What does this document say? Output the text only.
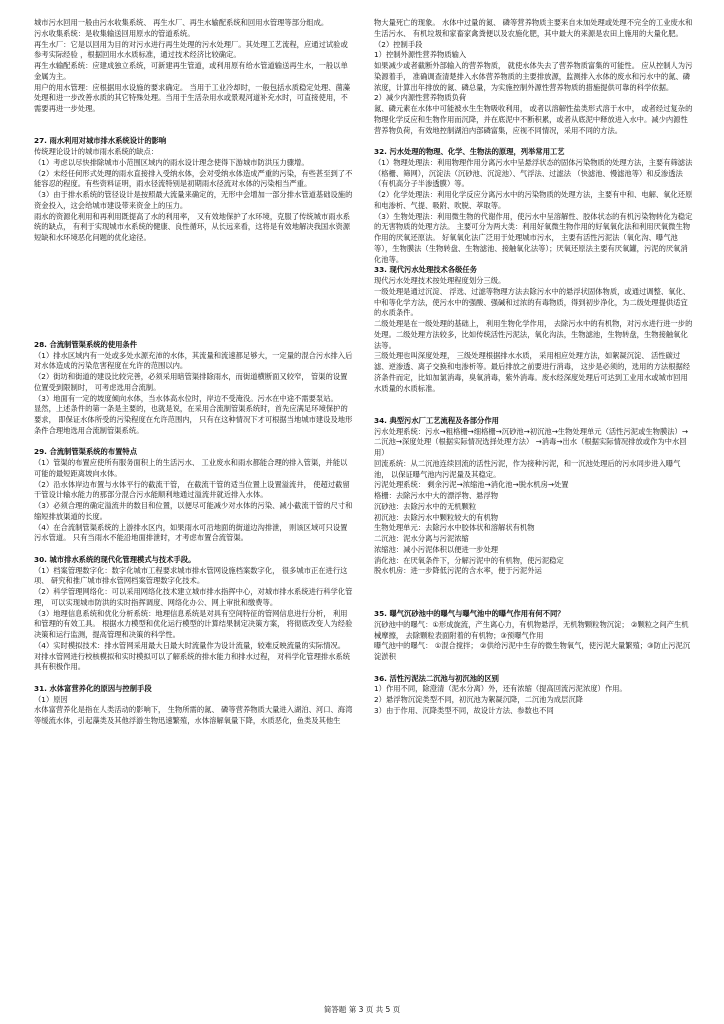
城市污水回用一般由污水收集系统、 再生水厂、再生水输配系统和回用水管理等部分组成。
污水收集系统：是收集输送回用原水的管道系统。
再生水厂：它是以回用为目的对污水进行再生处理的污水处理厂。其处理工艺流程，应通过试验或参考实际经验 ，根据回用水水质标准，通过技术经济比较确定。
再生水输配系统：应建成独立系统，可新建再生管道，或利用原有给水管道输送再生水，一般以单金属为主。
用户的用水管理：应根据用水设施的要求确定。 当用于工业冷却时，一般包括水质稳定处理、菌藻处理和进一步改善水质的其它特殊处理。当用于生活杂用水或景观河道补充水时，可直接使用，不需要再进一步处理。
27. 雨水利用对城市排水系统设计的影响
传统理论设计的城市雨水系统的缺点：
（1）考虑以尽快排除城市小范围区域内的雨水设计理念使得下游城市防洪压力骤增。
（2）未经任何形式处理的雨水直接排入受纳水体，会对受纳水体造成严重的污染，有些甚至到了不能容忍的程度。有些资料证明，雨水径流特别是初期雨水径流对水体的污染相当严重。
（3）由于排水系统的管径设计是按照最大流量来确定的，无形中会增加一部分排水管道基础设施的资金投入，这会给城市建设带来资金上的压力。
雨水的资源化利用和再利用既提高了水的利用率， 又有效地保护了水环境，克服了传统城市雨水系统的缺点， 有利于实现城市水系统的健康、良性循环，从长远来看，这将是有效地解决我国水资源短缺和水环境恶化问题的优化途径。
28. 合流制管渠系统的使用条件
（1）排水区域内有一处或多处水源充沛的水体，其流量和流速都足够大，一定量的混合污水排入后对水体造成的污染危害程度在允许的范围以内。
（2）街坊和街道的建设比较完善，必须采用暗管渠排除雨水，而街道横断面又较窄， 管渠的设置位置受到限制时， 可考虑选用合流制。
（3）地面有一定的坡度倾向水体，当水体高水位时，岸边不受淹没。污水在中途不需要泵站。
显然，上述条件的第一条是主要的，也就是说，在采用合流制管渠系统时，首先应满足环境保护的要求， 即保证水体所受的污染程度在允许范围内， 只有在这种情况下才可根据当地城市建设及地形条件合理地选用合流制管渠系统。
29. 合流制管渠系统的布置特点
（1）管渠的布置应使所有服务面积上的生活污水、 工业废水和雨水都能合理的排入管渠，并能以可能的最短距离坡向水体。
（2）沿水体岸边布置与水体平行的截流干管， 在截流干管的适当位置上设置溢流井， 使超过截留干管设计输水能力的那部分混合污水能顺利地通过溢流井就近排入水体。
（3）必须合理的确定溢流井的数目和位置，以便尽可能减少对水体的污染、减小截流干管的尺寸和缩短排放渠道的长度。
（4）在合流制管渠系统的上游排水区内，如果雨水可沿地面的街道边沟排泄， 则该区域可只设置污水管道。 只有当雨水不能沿地面排泄时，才考虑布置合流管渠。
30. 城市排水系统的现代化管理模式与技术手段。
（1）档案管理数字化：数字化城市工程要求城市排水管网设施档案数字化， 很多城市正在进行这项、 研究和推广城市排水管网档案管理数字化技术。
（2）科学管理网络化：可以采用网络化技术建立城市排水指挥中心，对城市排水系统进行科学化管理， 可以实现城市防洪的实时指挥调度、网络化办公、网上审批和缴费等。
（3）地理信息系统和优化分析系统：地理信息系统是对具有空间特征的管网信息进行分析， 利用和管理的有效工具。 根据水力模型和优化运行模型的计算结果制定决策方案， 将彻底改变人为经验决策和运行监测，提高管理和决策的科学性。
（4）实时模拟技术：排水管网采用最大日最大时流量作为设计流量，较难反映流量的实际情况。 对排水管网进行校核模拟和实时模拟可以了解系统的排水能力和排水过程， 对科学化管理排水系统具有积极作用。
31. 水体富营养化的原因与控制手段
（1）原因
水体富营养化是指在人类活动的影响下， 生物所需的氮、 磷等营养物质大量进入湖泊、河口、海湾等缓流水体，引起藻类及其他浮游生物迅速繁殖，水体溶解氧量下降，水质恶化，鱼类及其他生
物大量死亡的现象。 水体中过量的氮、 磷等营养物质主要来自未加处理或处理不完全的工业废水和生活污水、 有机垃圾和家畜家禽粪便以及农施化肥，其中最大的来源是农田上施用的大量化肥。
（2）控制手段
1）控制外源性营养物质输入
如果减少或者截断外部输入的营养物质， 就使水体失去了营养物质富集的可能性。 应从控制人为污染源着手， 准确调查清楚排入水体营养物质的主要排放源，监测排入水体的废水和污水中的氮、磷浓度，计算出年排放的氮、磷总量，为实施控制外源性营养物质的措施提供可靠的科学依据。
2）减少内源性营养物质负荷
氮、磷元素在水体中可能被水生生物吸收利用， 或者以溶解性盐类形式溶于水中， 或者经过复杂的物理化学反应和生物作用而沉降，并在底泥中不断积累，或者从底泥中释放进入水中。减少内源性营养物负荷，有效地控制湖泊内部磷富集，应视不同情况，采用不同的方法。
32. 污水处理的物理、化学、生物法的原理，列举常用工艺
（1）物理处理法：利用物理作用分离污水中呈悬浮状态的固体污染物质的处理方法，主要有筛滤法 （格栅、筛网），沉淀法（沉砂池、沉淀池）、气浮法、过滤法 （快滤池、慢滤池等）和反渗透法（有机高分子半渗透膜）等。
（2）化学处理法：利用化学反应分离污水中的污染物质的处理方法，主要有中和、电解、氧化还原和电渗析、气提、吸附、吹脱、萃取等。
（3）生物处理法：利用微生物的代谢作用，使污水中呈溶解性、胶体状态的有机污染物转化为稳定的无害物质的处理方法。 主要可分为两大类：利用好氧微生物作用的好氧氧化法和利用厌氧微生物作用的厌氧还原法。 好氧氧化法广泛用于处理城市污水， 主要有活性污泥法（氧化沟、曝气池等），生物膜法（生物转盘、生物滤池、接触氧化法等）；厌氧还原法主要有厌氧罐，污泥的厌氧消化池等。
33. 现代污水处理技术各级任务
现代污水处理技术按处理程度划分三级。
一级处理是通过沉淀、 浮选、过滤等物理方法去除污水中的悬浮状固体物质，或通过调整、氧化、中和等化学方法，使污水中的强酸、强碱和过浓的有毒物质，得到初步净化，为二级处理提供适宜的水质条件。
二级处理是在一级处理的基础上， 利用生物化学作用， 去除污水中的有机物，对污水进行进一步的处理。二级处理方法较多，比如传统活性污泥法，氧化沟法，生物滤池，生物转盘，生物接触氧化法等。
三级处理也叫深度处理， 三级处理根据排水水质， 采用相应处理方法，如絮凝沉淀、 活性碳过滤、逆渗透、离子交换和电渗析等。最后排放之前要进行消毒， 这步是必须的，选用的方法根据经济条件而定，比如加氯消毒，臭氧消毒，紫外消毒。废水经深度处理后可达到工业用水或城市回用水质量的水质标准。
34. 典型污水厂工艺流程及各部分作用
污水处理系统：污水→粗格栅→细格栅→沉砂池→初沉池→生物处理单元（活性污泥或生物膜法）→二沉池→深度处理（根据实际情况选择处理方法） →消毒→出水（根据实际情况排放或作为中水回用）
回流系统：从二沉池连续回流的活性污泥，作为接种污泥，和一沉池处理后的污水同步进入曝气池， 以保证曝气池内污泥量及其稳定。
污泥处理系统： 剩余污泥→浓缩池→消化池→脱水机房→处置
格栅：去除污水中大的漂浮物、悬浮物
沉砂池：去除污水中的无机颗粒
初沉池：去除污水中颗粒较大的有机物
生物处理单元：去除污水中胶体状和溶解状有机物
二沉池：泥水分离与污泥浓缩
浓缩池：减小污泥体积以便进一步处理
消化池：在厌氧条件下，分解污泥中的有机物，使污泥稳定
脱水机房：进一步降低污泥的含水率，便于污泥外运
35. 曝气沉砂池中的曝气与曝气池中的曝气作用有何不同？
沉砂池中的曝气：①形成旋流，产生离心力，有机物悬浮，无机物颗粒物沉淀； ②颗粒之间产生机械摩擦， 去除颗粒表面附着的有机物；③预曝气作用
曝气池中的曝气： ①混合搅拌； ②供给污泥中生存的微生物氧气，使污泥大量繁殖；③防止污泥沉淀淤积
36. 活性污泥法二沉池与初沉池的区别
1）作用不同，除澄清（泥水分离）外，还有浓缩（提高回流污泥浓度）作用。
2）悬浮物沉淀类型不同，初沉池为絮凝沉降，二沉池为成层沉降
3）由于作用、沉降类型不同，故设计方法、参数也不同
简答题 第 3 页 共 5 页
